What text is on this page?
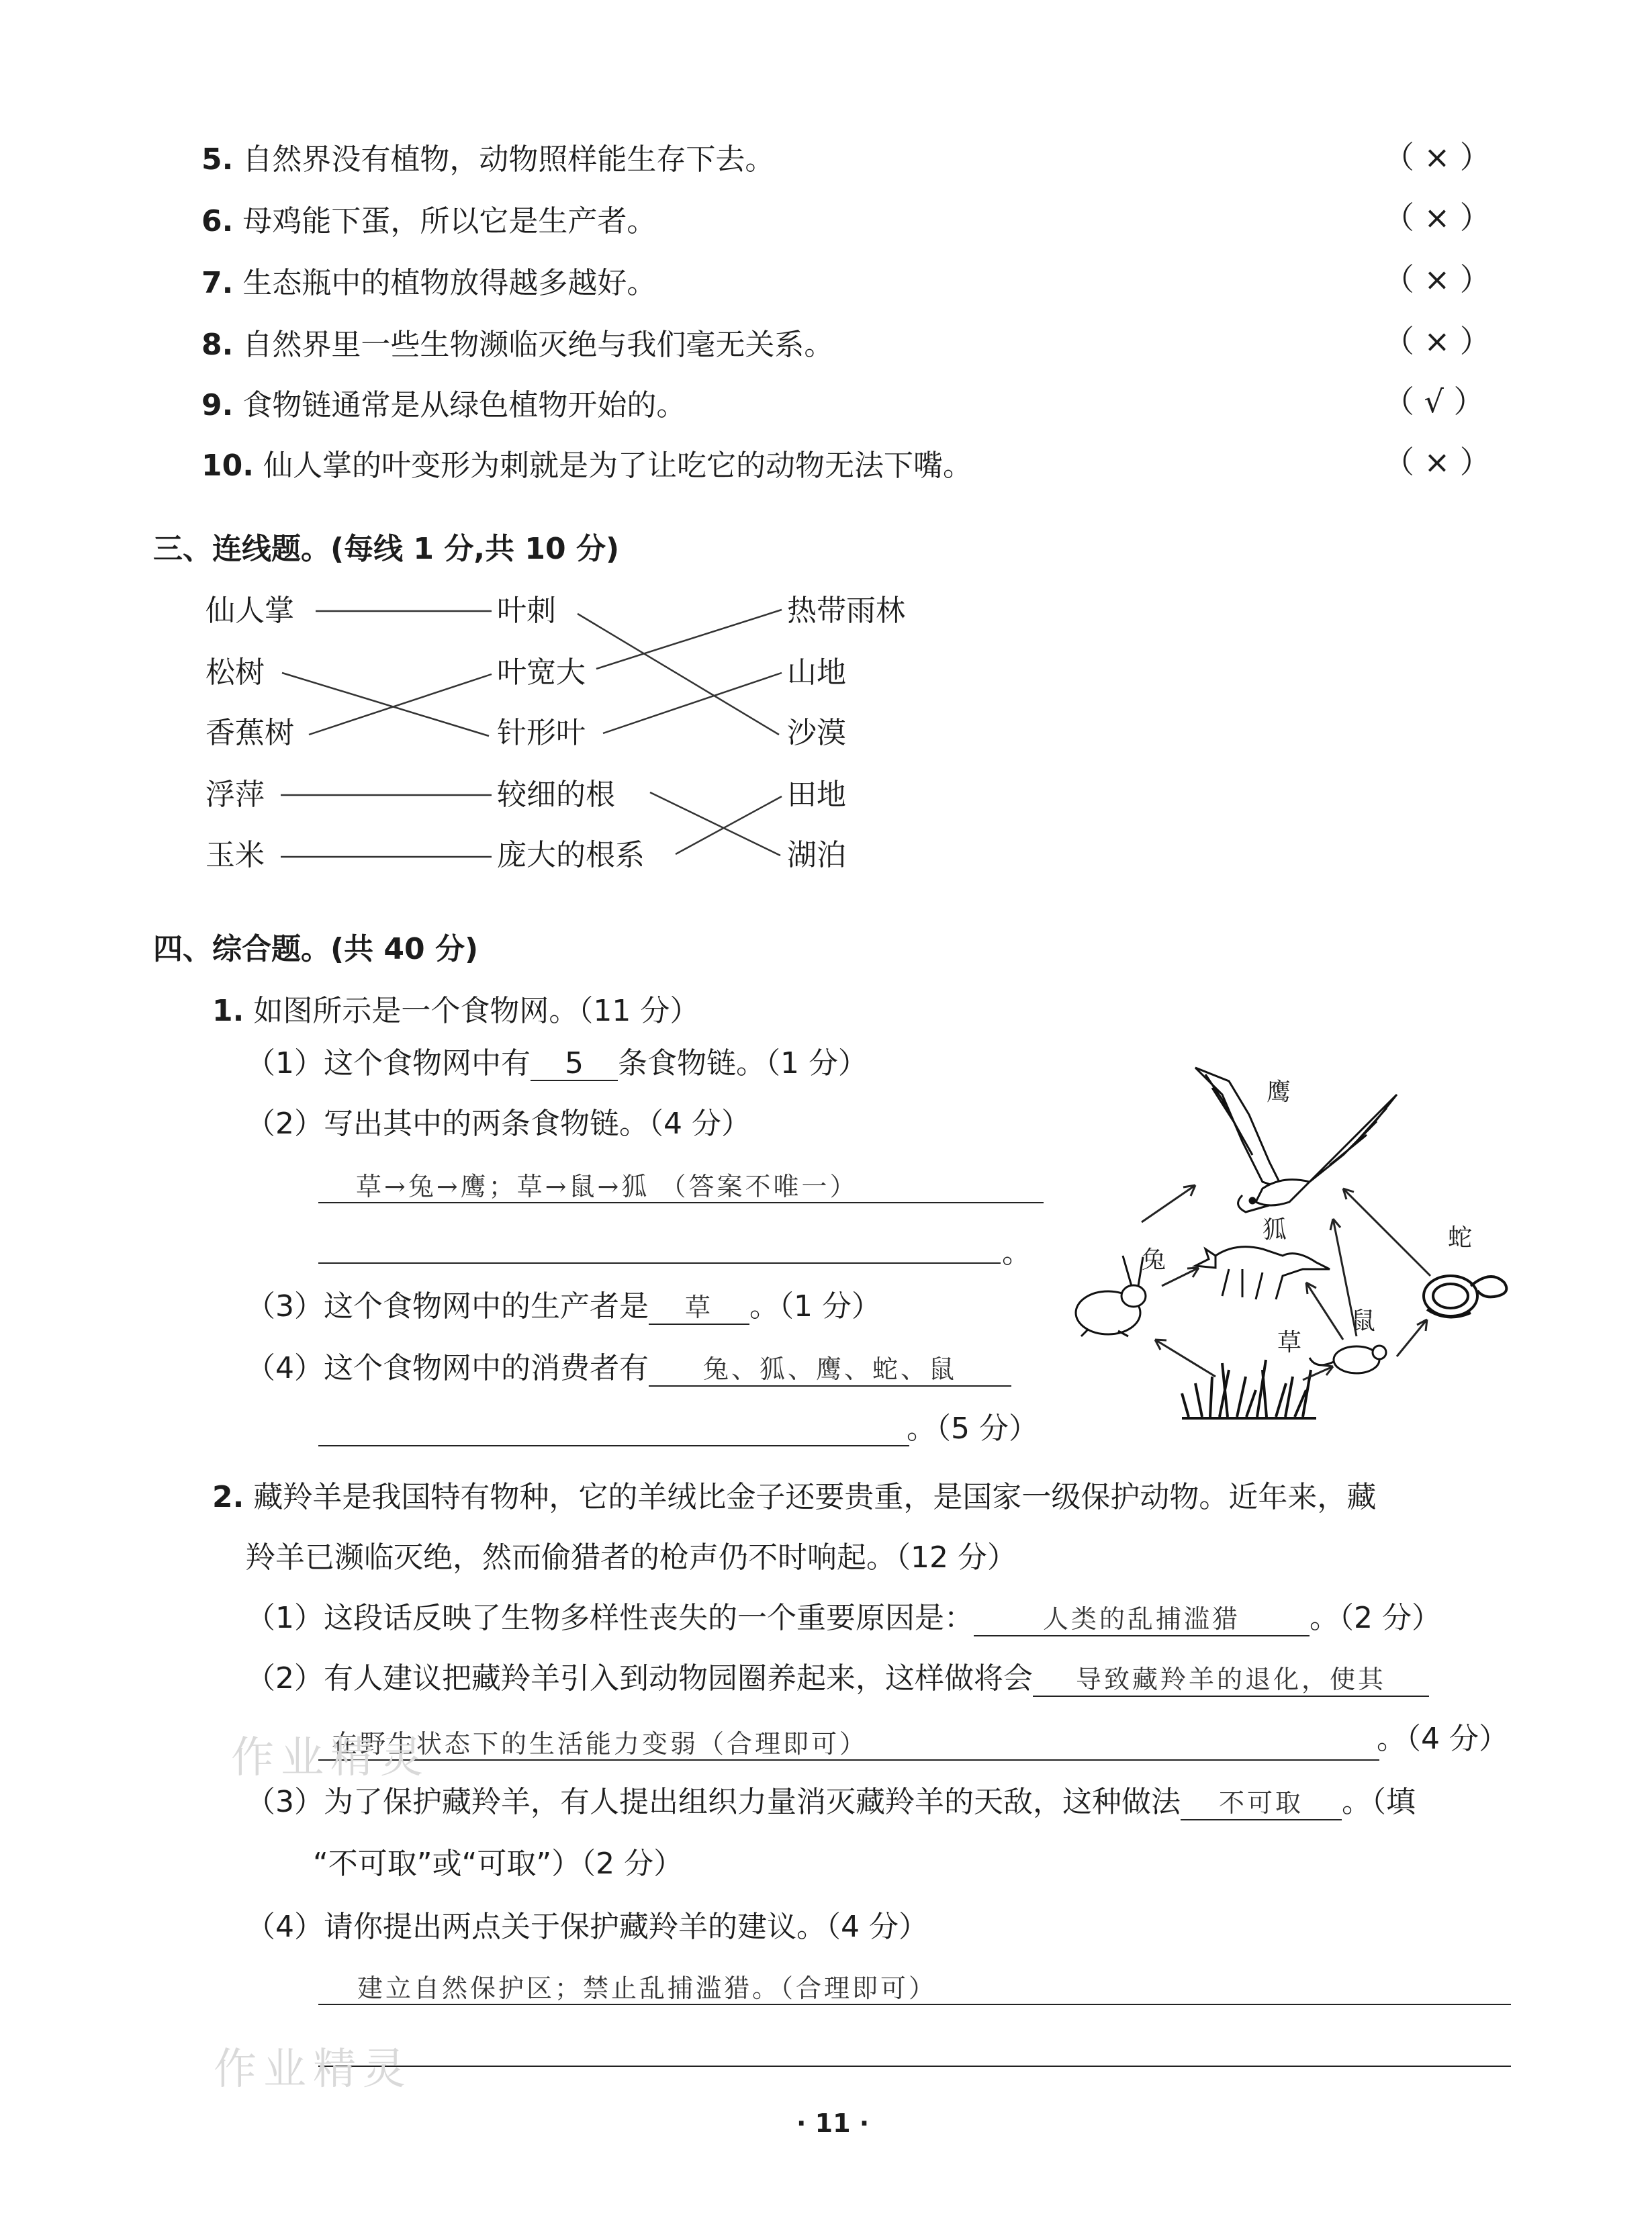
5. 自然界没有植物，动物照样能生存下去。	（ × ）
6. 母鸡能下蛋，所以它是生产者。	（ × ）
7. 生态瓶中的植物放得越多越好。	（ × ）
8. 自然界里一些生物濒临灭绝与我们毫无关系。	（ × ）
9. 食物链通常是从绿色植物开始的。	（ √ ）
10. 仙人掌的叶变形为刺就是为了让吃它的动物无法下嘴。	（ × ）
三、连线题。(每线 1 分,共 10 分)
仙人掌
松树
香蕉树
浮萍
玉米
叶刺
叶宽大
针形叶
较细的根
庞大的根系
热带雨林
山地
沙漠
田地
湖泊
四、综合题。(共 40 分)
1. 如图所示是一个食物网。（11 分）
（1）这个食物网中有 5 条食物链。（1 分）
（2）写出其中的两条食物链。（4 分）
草→兔→鹰；草→鼠→狐 （答案不唯一）
。
（3）这个食物网中的生产者是 草 。（1 分）
（4）这个食物网中的消费者有 兔、狐、鹰、蛇、鼠
。（5 分）
鹰
狐
兔
蛇
草
鼠
2. 藏羚羊是我国特有物种，它的羊绒比金子还要贵重，是国家一级保护动物。近年来，藏
羚羊已濒临灭绝，然而偷猎者的枪声仍不时响起。（12 分）
（1）这段话反映了生物多样性丧失的一个重要原因是：	人类的乱捕滥猎 。（2 分）
（2）有人建议把藏羚羊引入到动物园圈养起来，这样做将会 导致藏羚羊的退化，使其
在野生状态下的生活能力变弱（合理即可）	。（4 分）
（3）为了保护藏羚羊，有人提出组织力量消灭藏羚羊的天敌，这种做法 不可取 。（填
“不可取”或“可取”）（2 分）
（4）请你提出两点关于保护藏羚羊的建议。（4 分）
建立自然保护区；禁止乱捕滥猎。（合理即可）
作业精灵
作业精灵
· 11 ·
